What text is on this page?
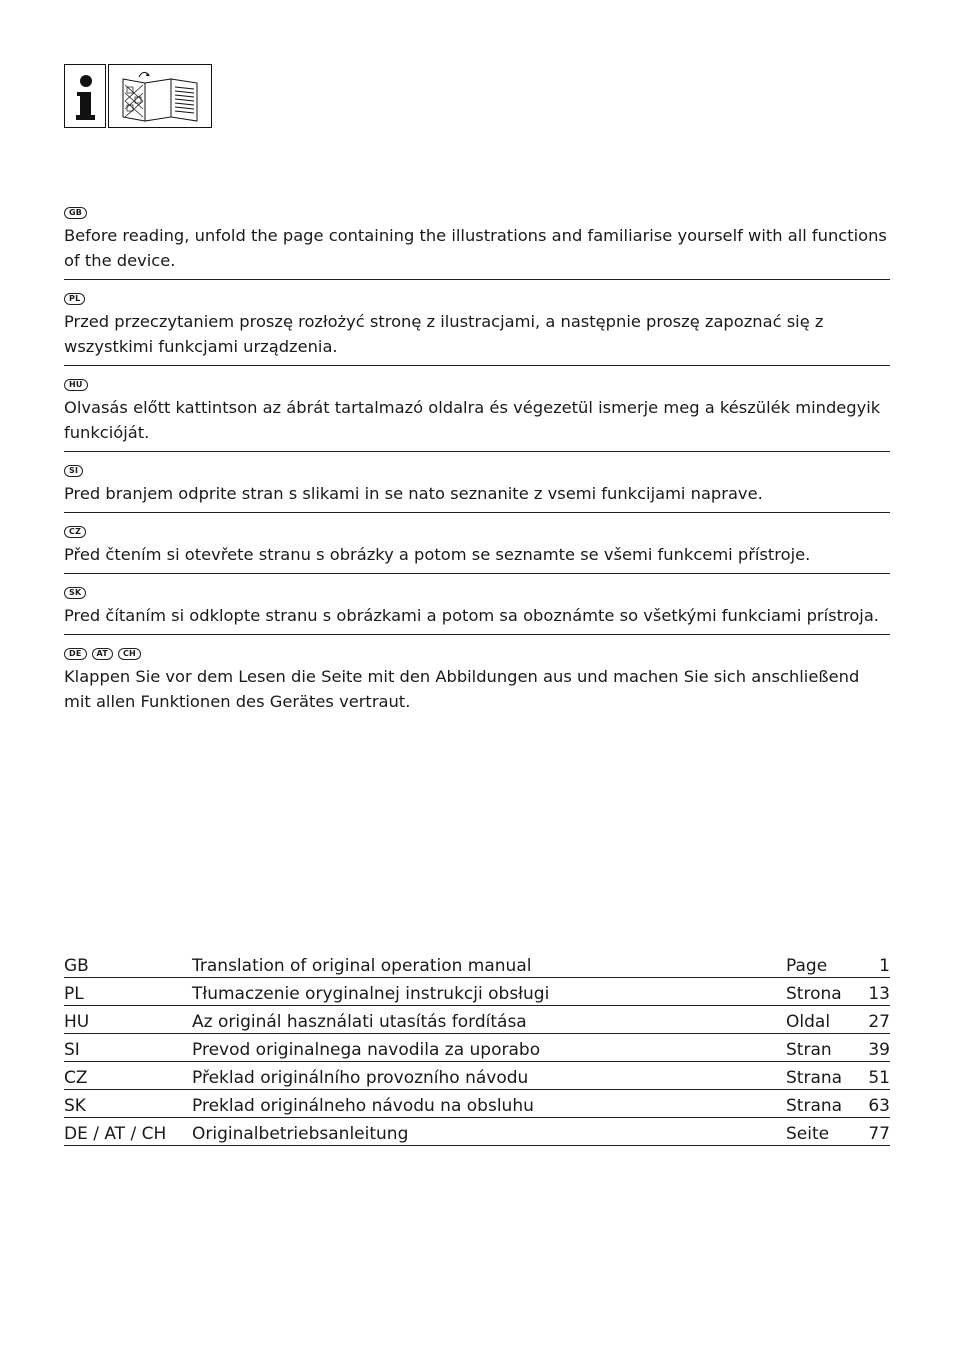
GB

Before reading, unfold the page containing the illustrations and familiarise yourself with all functions of the device.

PL

Przed przeczytaniem proszę rozłożyć stronę z ilustracjami, a następnie proszę zapoznać się z wszystkimi funkcjami urządzenia.

HU

Olvasás előtt kattintson az ábrát tartalmazó oldalra és végezetül ismerje meg a készülék mindegyik funkcióját.

SI

Pred branjem odprite stran s slikami in se nato seznanite z vsemi funkcijami naprave.

CZ

Před čtením si otevřete stranu s obrázky a potom se seznamte se všemi funkcemi přístroje.

SK

Pred čítaním si odklopte stranu s obrázkami a potom sa oboznámte so všetkými funkciami prístroja.

DE	AT	CH

Klappen Sie vor dem Lesen die Seite mit den Abbildungen aus und machen Sie sich anschließend mit allen Funktionen des Gerätes vertraut.

GB	Translation of original operation manual	Page	1
PL	Tłumaczenie oryginalnej instrukcji obsługi	Strona	13
HU	Az originál használati utasítás fordítása	Oldal	27
SI	Prevod originalnega navodila za uporabo	Stran	39
CZ	Překlad originálního provozního návodu	Strana	51
SK	Preklad originálneho návodu na obsluhu	Strana	63
DE / AT / CH	Originalbetriebsanleitung	Seite	77
